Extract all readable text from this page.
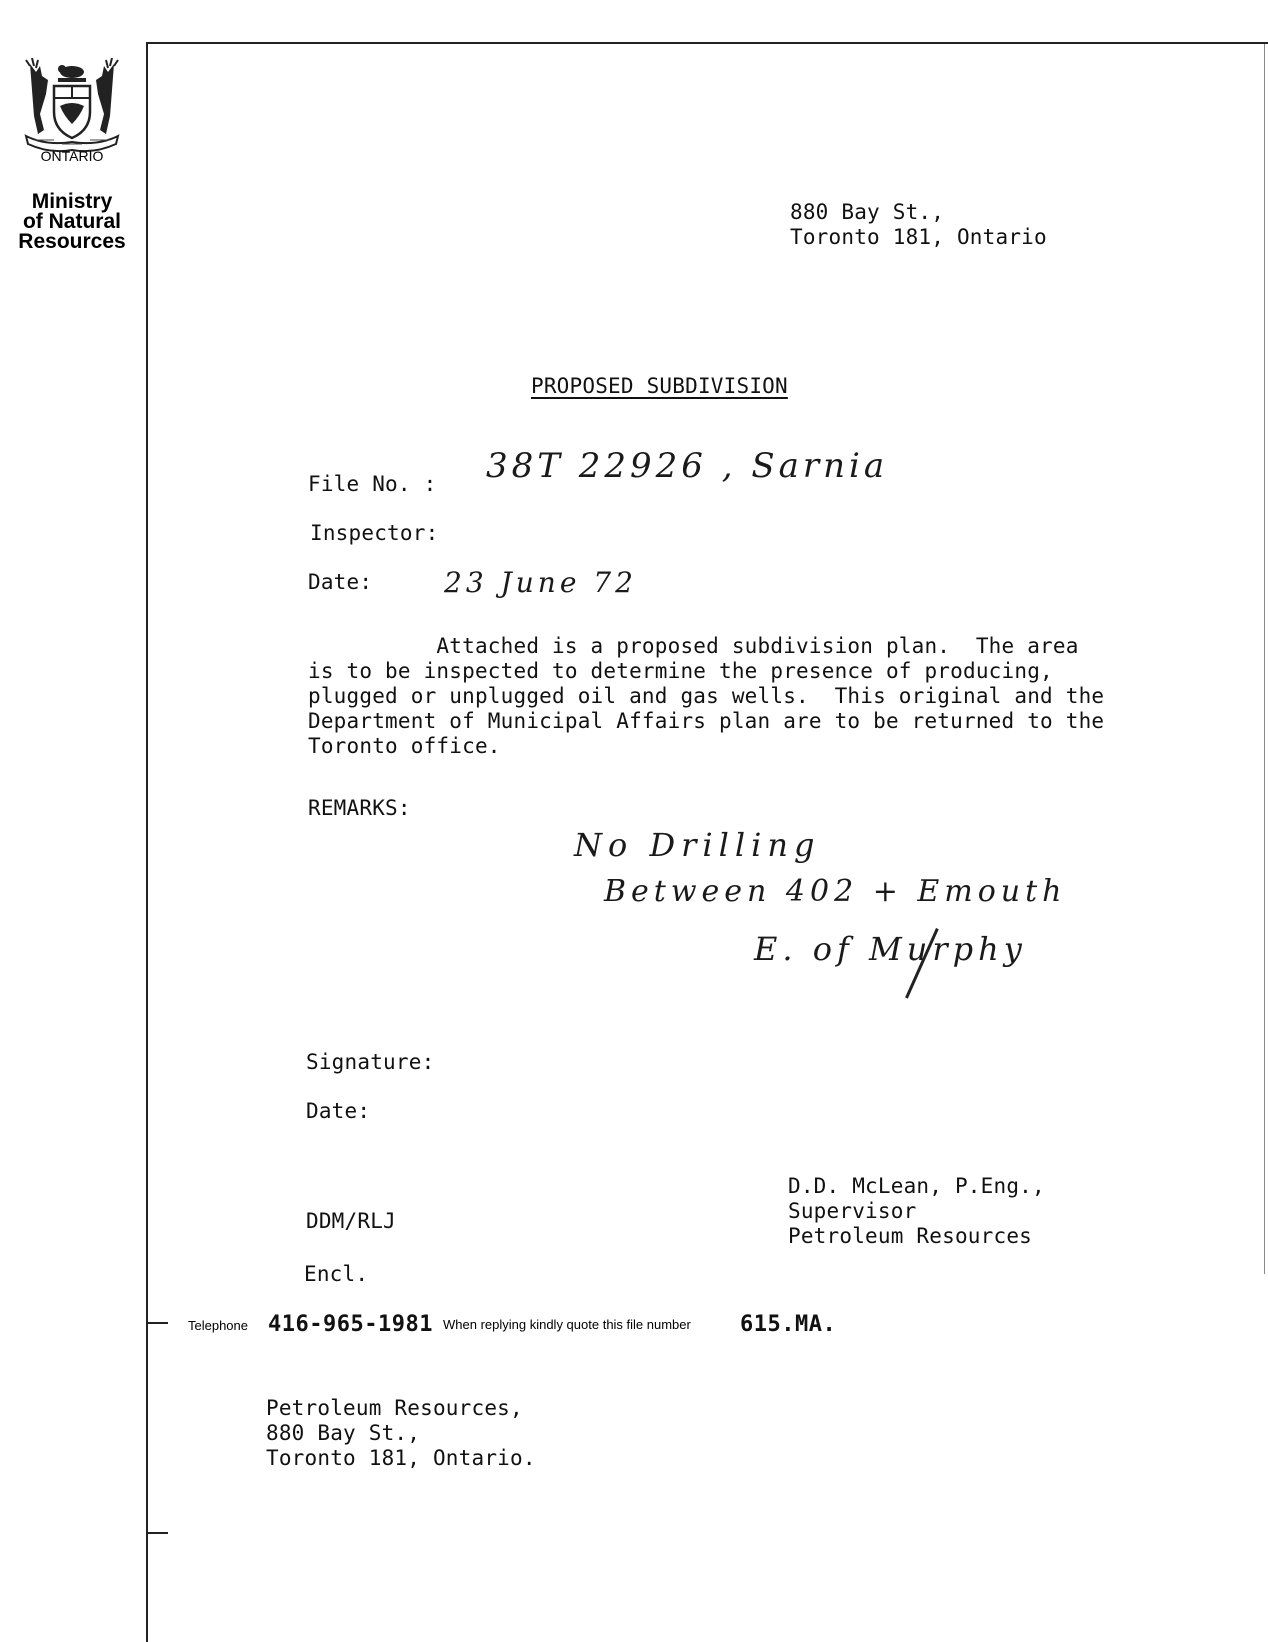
ONTARIO
Ministry
of Natural
Resources
880 Bay St.,
Toronto 181, Ontario
PROPOSED SUBDIVISION
File No. : 38T 22926 , Sarnia
Inspector:
Date:	23 June 72
Attached is a proposed subdivision plan.  The area
is to be inspected to determine the presence of producing,
plugged or unplugged oil and gas wells.  This original and the
Department of Municipal Affairs plan are to be returned to the
Toronto office.
REMARKS:
No Drilling
Between 402 + Emouth
E. of Murphy
Signature:
Date:
D.D. McLean, P.Eng.,
Supervisor
Petroleum Resources
DDM/RLJ
Encl.
Telephone 416-965-1981 When replying kindly quote this file number 615.MA.
Petroleum Resources,
880 Bay St.,
Toronto 181, Ontario.
